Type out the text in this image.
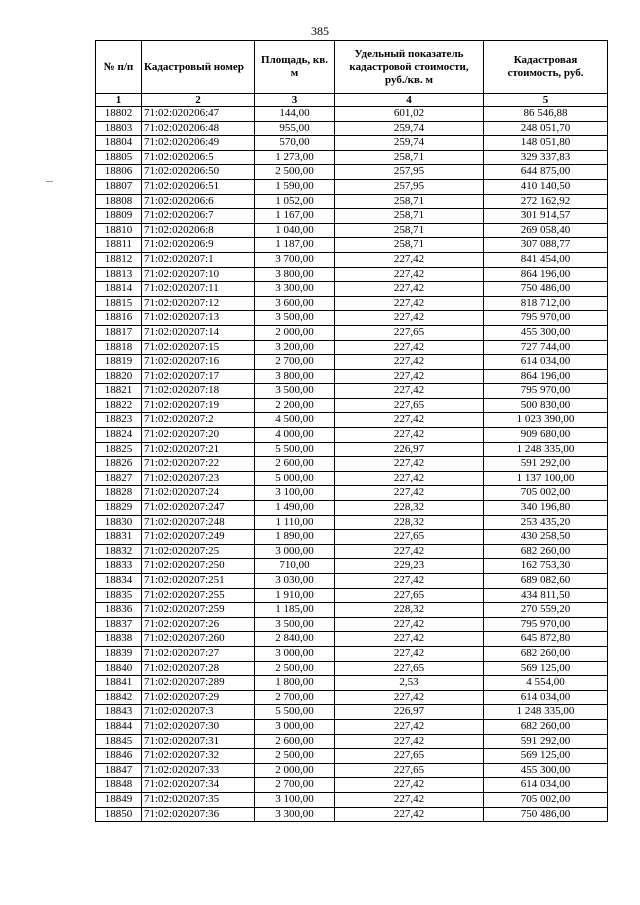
385
№ п/п	Кадастровый номер	Площадь, кв. м	Удельный показатель кадастровой стоимости, руб./кв. м	Кадастровая стоимость, руб.
1	2	3	4	5
18802	71:02:020206:47	144,00	601,02	86 546,88
18803	71:02:020206:48	955,00	259,74	248 051,70
18804	71:02:020206:49	570,00	259,74	148 051,80
18805	71:02:020206:5	1 273,00	258,71	329 337,83
18806	71:02:020206:50	2 500,00	257,95	644 875,00
18807	71:02:020206:51	1 590,00	257,95	410 140,50
18808	71:02:020206:6	1 052,00	258,71	272 162,92
18809	71:02:020206:7	1 167,00	258,71	301 914,57
18810	71:02:020206:8	1 040,00	258,71	269 058,40
18811	71:02:020206:9	1 187,00	258,71	307 088,77
18812	71:02:020207:1	3 700,00	227,42	841 454,00
18813	71:02:020207:10	3 800,00	227,42	864 196,00
18814	71:02:020207:11	3 300,00	227,42	750 486,00
18815	71:02:020207:12	3 600,00	227,42	818 712,00
18816	71:02:020207:13	3 500,00	227,42	795 970,00
18817	71:02:020207:14	2 000,00	227,65	455 300,00
18818	71:02:020207:15	3 200,00	227,42	727 744,00
18819	71:02:020207:16	2 700,00	227,42	614 034,00
18820	71:02:020207:17	3 800,00	227,42	864 196,00
18821	71:02:020207:18	3 500,00	227,42	795 970,00
18822	71:02:020207:19	2 200,00	227,65	500 830,00
18823	71:02:020207:2	4 500,00	227,42	1 023 390,00
18824	71:02:020207:20	4 000,00	227,42	909 680,00
18825	71:02:020207:21	5 500,00	226,97	1 248 335,00
18826	71:02:020207:22	2 600,00	227,42	591 292,00
18827	71:02:020207:23	5 000,00	227,42	1 137 100,00
18828	71:02:020207:24	3 100,00	227,42	705 002,00
18829	71:02:020207:247	1 490,00	228,32	340 196,80
18830	71:02:020207:248	1 110,00	228,32	253 435,20
18831	71:02:020207:249	1 890,00	227,65	430 258,50
18832	71:02:020207:25	3 000,00	227,42	682 260,00
18833	71:02:020207:250	710,00	229,23	162 753,30
18834	71:02:020207:251	3 030,00	227,42	689 082,60
18835	71:02:020207:255	1 910,00	227,65	434 811,50
18836	71:02:020207:259	1 185,00	228,32	270 559,20
18837	71:02:020207:26	3 500,00	227,42	795 970,00
18838	71:02:020207:260	2 840,00	227,42	645 872,80
18839	71:02:020207:27	3 000,00	227,42	682 260,00
18840	71:02:020207:28	2 500,00	227,65	569 125,00
18841	71:02:020207:289	1 800,00	2,53	4 554,00
18842	71:02:020207:29	2 700,00	227,42	614 034,00
18843	71:02:020207:3	5 500,00	226,97	1 248 335,00
18844	71:02:020207:30	3 000,00	227,42	682 260,00
18845	71:02:020207:31	2 600,00	227,42	591 292,00
18846	71:02:020207:32	2 500,00	227,65	569 125,00
18847	71:02:020207:33	2 000,00	227,65	455 300,00
18848	71:02:020207:34	2 700,00	227,42	614 034,00
18849	71:02:020207:35	3 100,00	227,42	705 002,00
18850	71:02:020207:36	3 300,00	227,42	750 486,00
